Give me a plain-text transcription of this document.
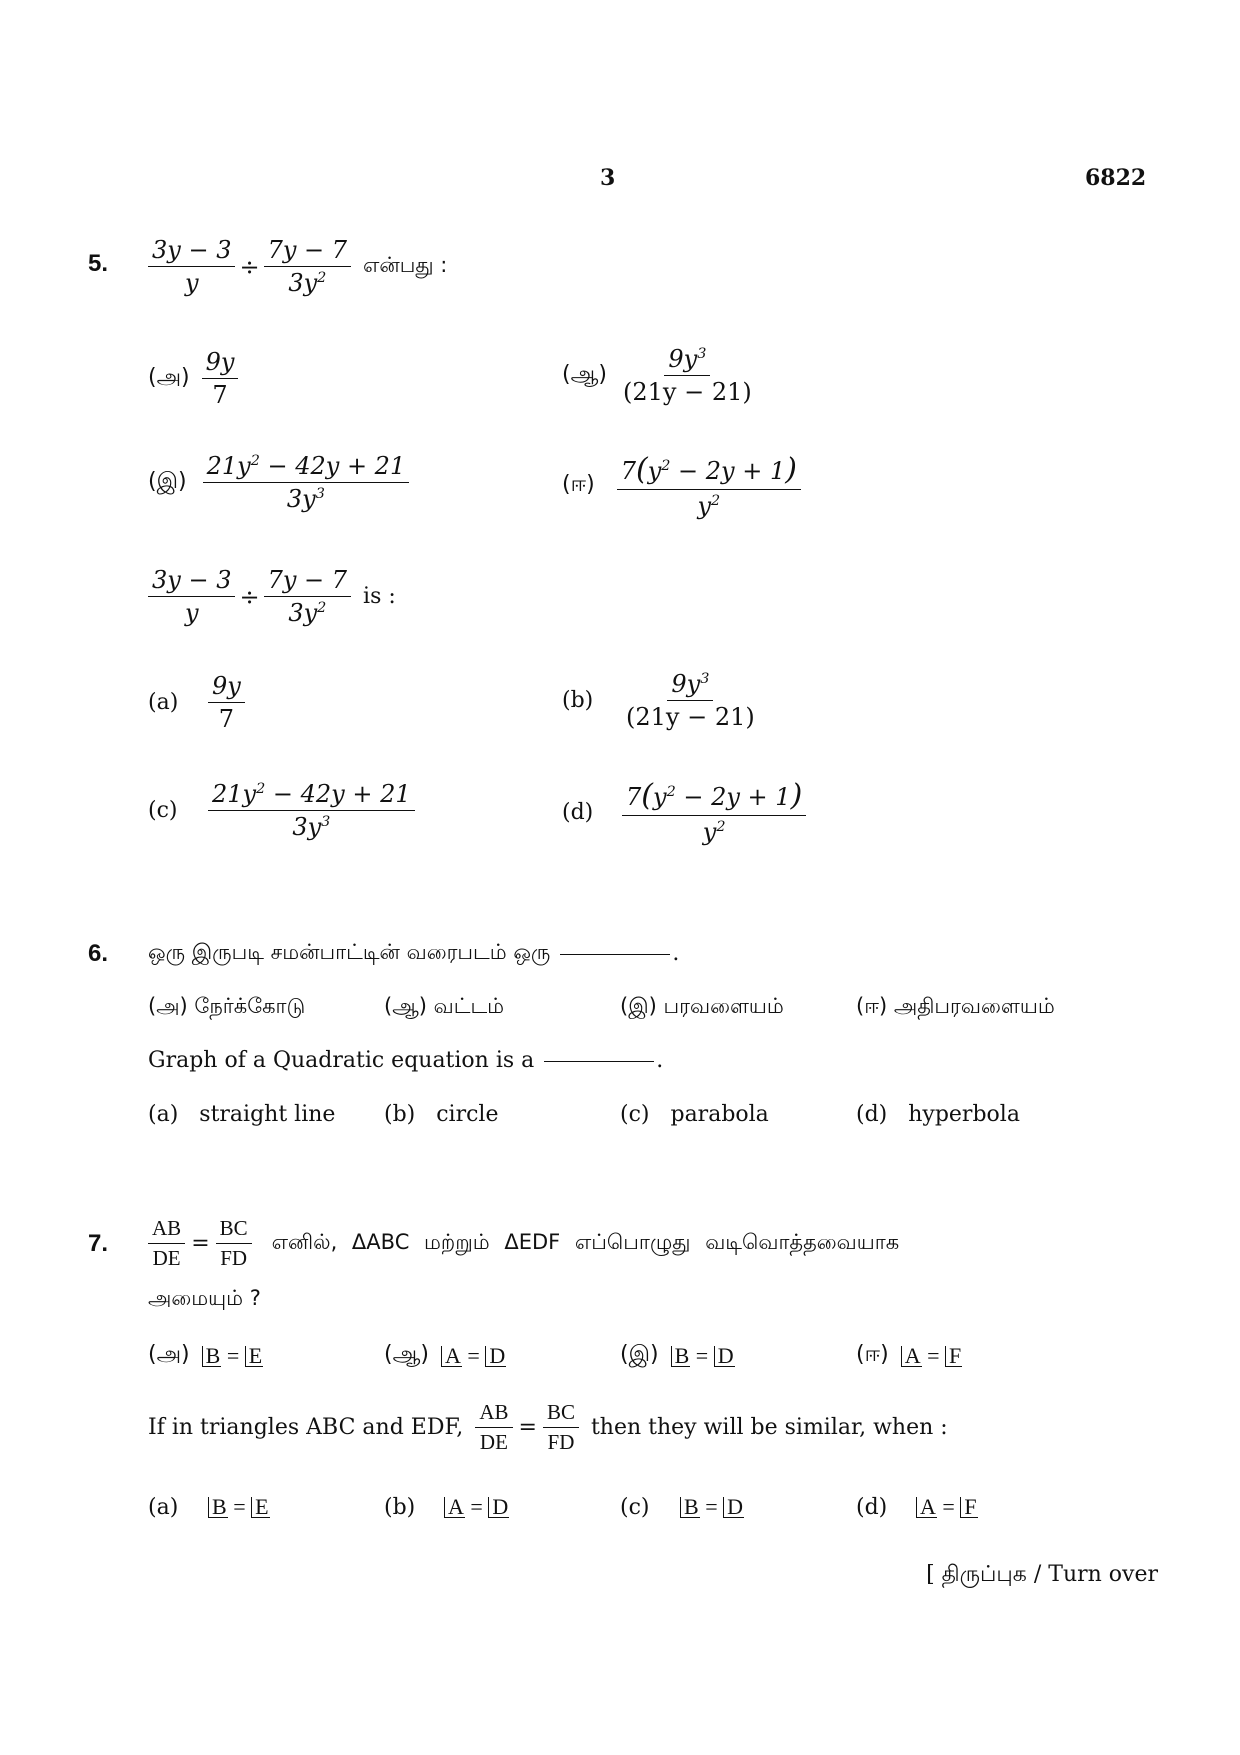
3	6822
5. $\frac{3y - 3}{y} \div \frac{7y - 7}{3y^2}$ என்பது :
(அ) $\frac{9y}{7}$	(ஆ) $\frac{9y^3}{(21y - 21)}$
(இ) $\frac{21y^2 - 42y + 21}{3y^3}$	(ஈ) $\frac{7(y^2 - 2y + 1)}{y^2}$
$\frac{3y - 3}{y} \div \frac{7y - 7}{3y^2}$ is :
(a)	$\frac{9y}{7}$	(b)	$\frac{9y^3}{(21y - 21)}$
(c)	$\frac{21y^2 - 42y + 21}{3y^3}$	(d)	$\frac{7(y^2 - 2y + 1)}{y^2}$
6. ஒரு இருபடி சமன்பாட்டின் வரைபடம் ஒரு	.
(அ) நேர்க்கோடு	(ஆ) வட்டம்	(இ) பரவளையம்	(ஈ) அதிபரவளையம்
Graph of a Quadratic equation is a	.
(a) straight line (b) circle	(c) parabola	(d) hyperbola
7. $\frac{AB}{DE} = \frac{BC}{FD}$ எனில், ΔABC மற்றும் ΔEDF எப்பொழுது வடிவொத்தவையாக
அமையும் ?
(அ) B = E	(ஆ) A = D	(இ) B = D	(ஈ) A = F
If in triangles ABC and EDF, $\frac{AB}{DE} = \frac{BC}{FD}$ then they will be similar, when :
(a)	B = E	(b)	A = D	(c)	B = D	(d)	A = F
[ திருப்புக / Turn over
